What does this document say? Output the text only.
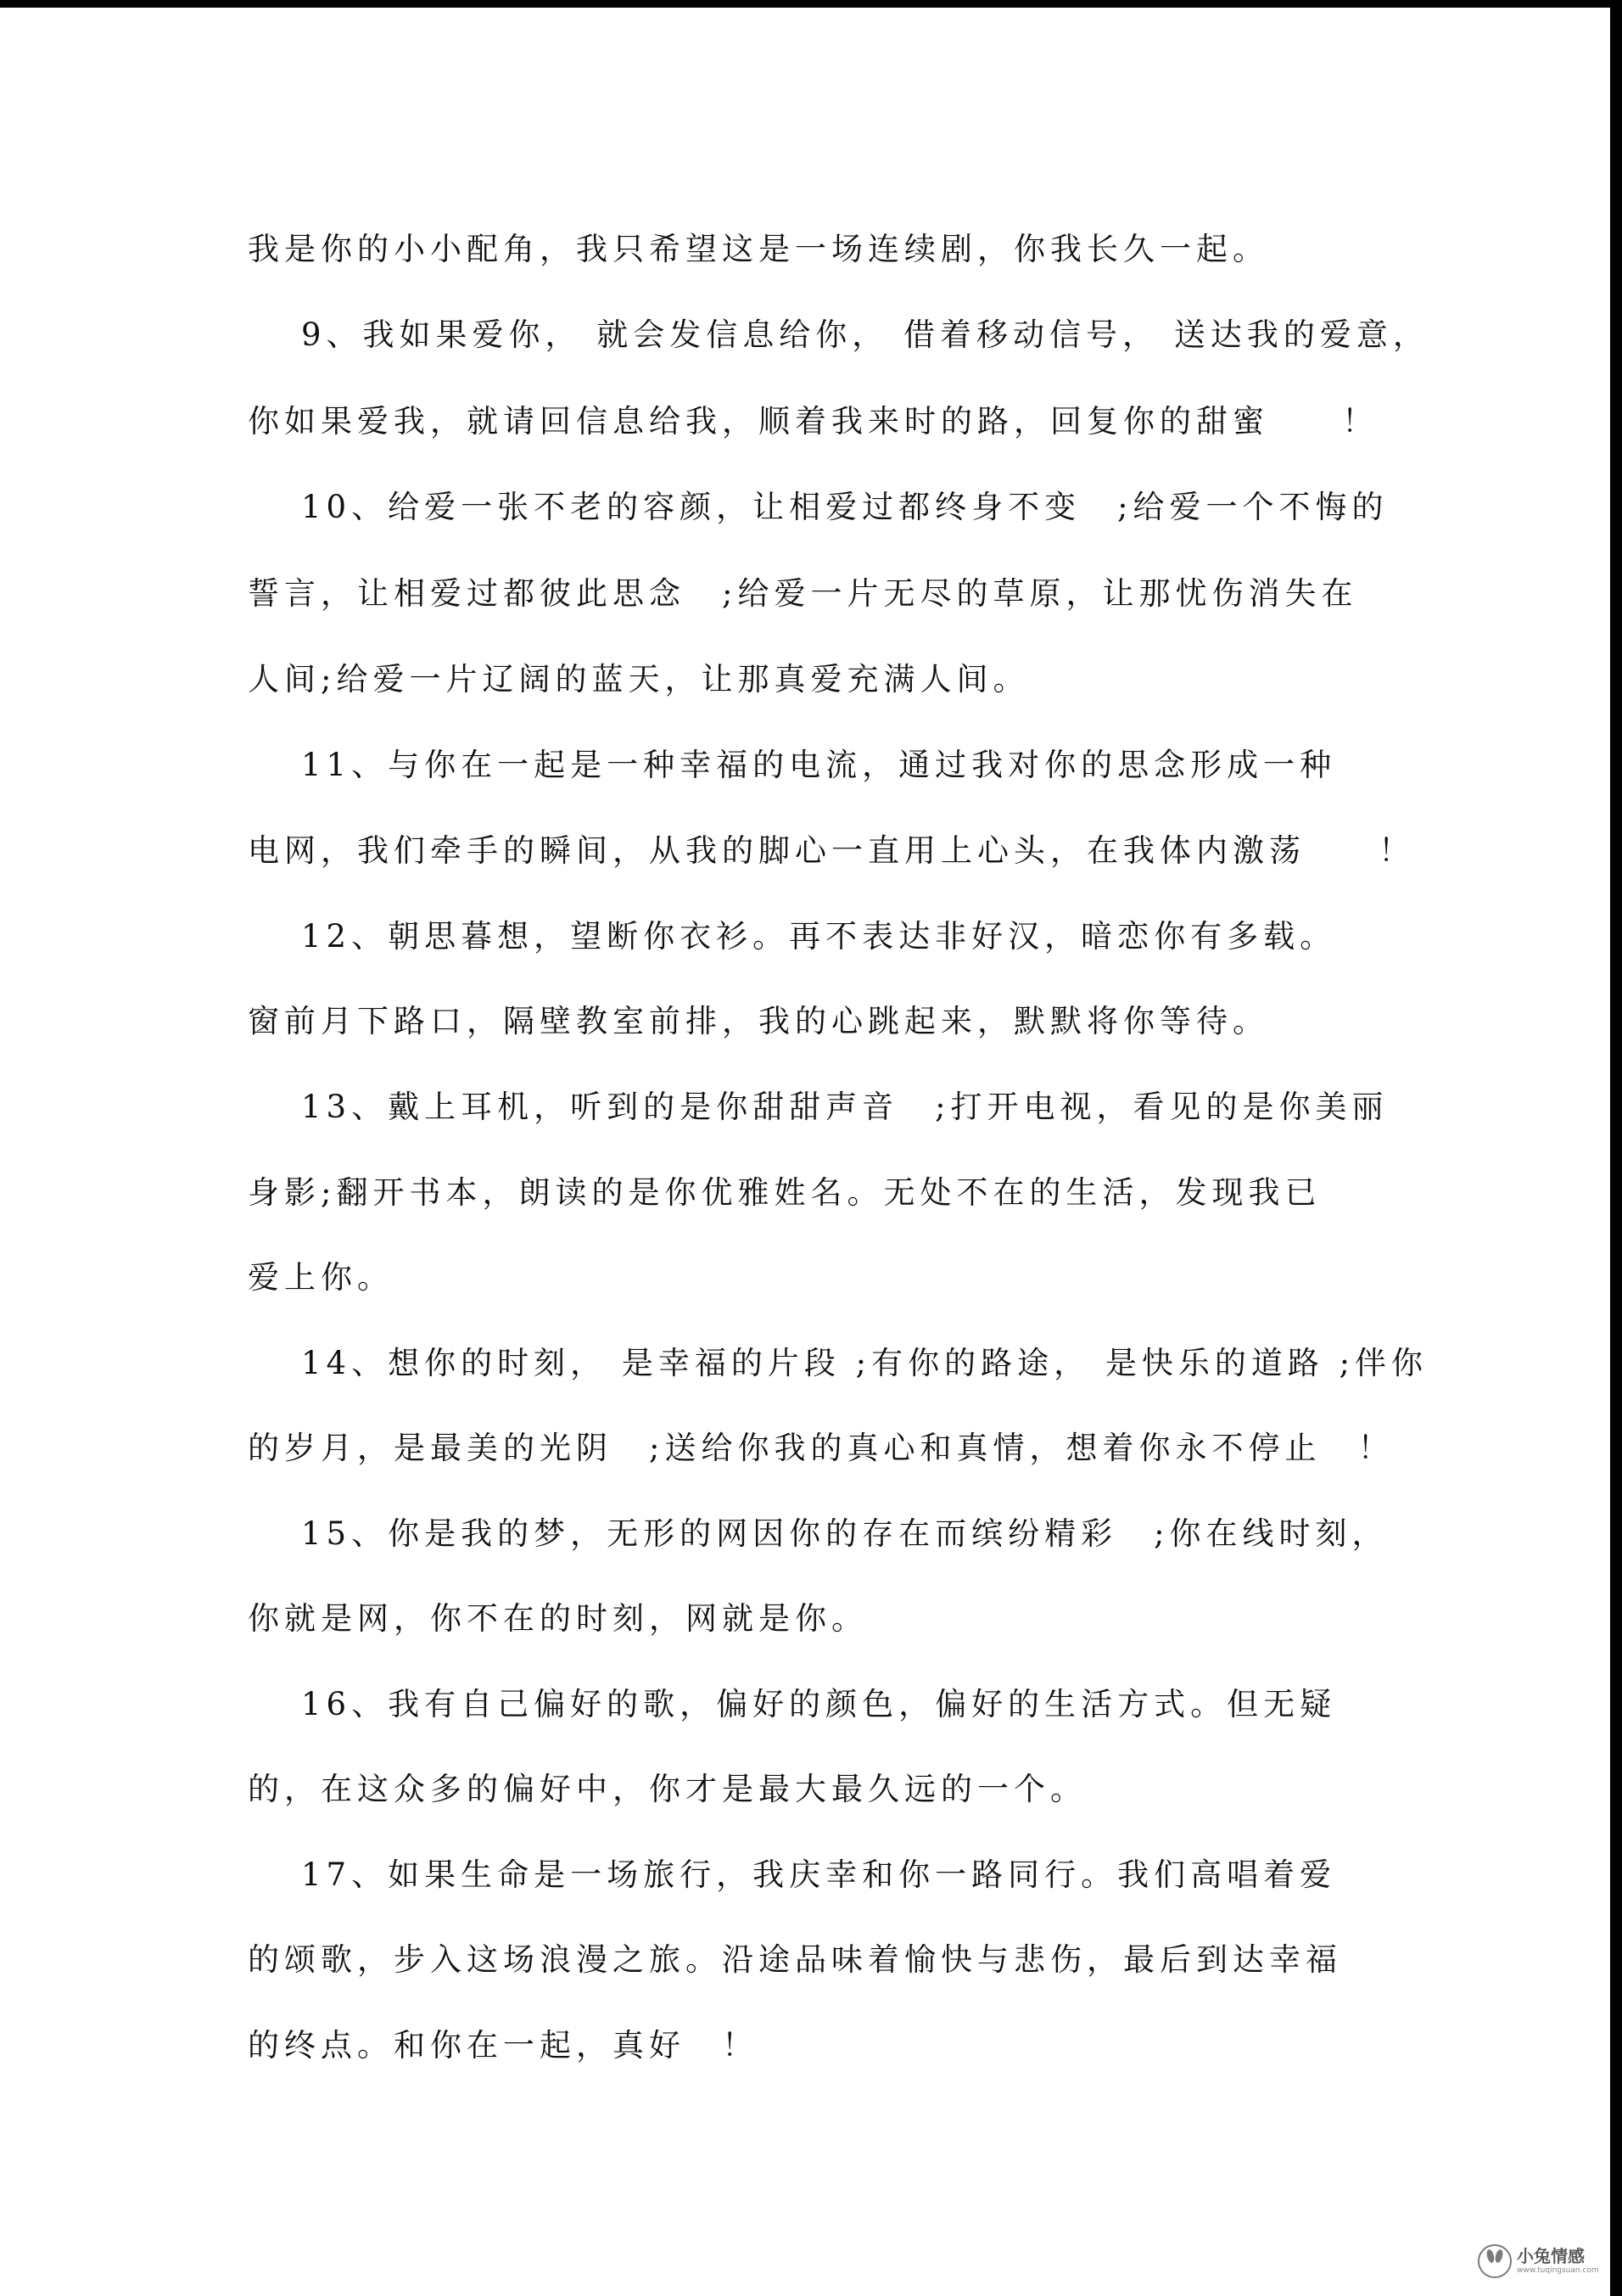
我是你的小小配角，我只希望这是一场连续剧，你我长久一起。
9、我如果爱你， 就会发信息给你， 借着移动信号， 送达我的爱意，
你如果爱我，就请回信息给我，顺着我来时的路，回复你的甜蜜　　！
10、给爱一张不老的容颜，让相爱过都终身不变　;给爱一个不悔的
誓言，让相爱过都彼此思念　;给爱一片无尽的草原，让那忧伤消失在
人间;给爱一片辽阔的蓝天，让那真爱充满人间。
11、与你在一起是一种幸福的电流，通过我对你的思念形成一种
电网，我们牵手的瞬间，从我的脚心一直用上心头，在我体内激荡　　！
12、朝思暮想，望断你衣衫。再不表达非好汉，暗恋你有多载。
窗前月下路口，隔壁教室前排，我的心跳起来，默默将你等待。
13、戴上耳机，听到的是你甜甜声音　;打开电视，看见的是你美丽
身影;翻开书本，朗读的是你优雅姓名。无处不在的生活，发现我已
爱上你。
14、想你的时刻， 是幸福的片段 ;有你的路途， 是快乐的道路 ;伴你
的岁月，是最美的光阴　;送给你我的真心和真情，想着你永不停止　！
15、你是我的梦，无形的网因你的存在而缤纷精彩　;你在线时刻，
你就是网，你不在的时刻，网就是你。
16、我有自己偏好的歌，偏好的颜色，偏好的生活方式。但无疑
的，在这众多的偏好中，你才是最大最久远的一个。
17、如果生命是一场旅行，我庆幸和你一路同行。我们高唱着爱
的颂歌，步入这场浪漫之旅。沿途品味着愉快与悲伤，最后到达幸福
的终点。和你在一起，真好　！
小兔情感
www.tuqingsuan.com
